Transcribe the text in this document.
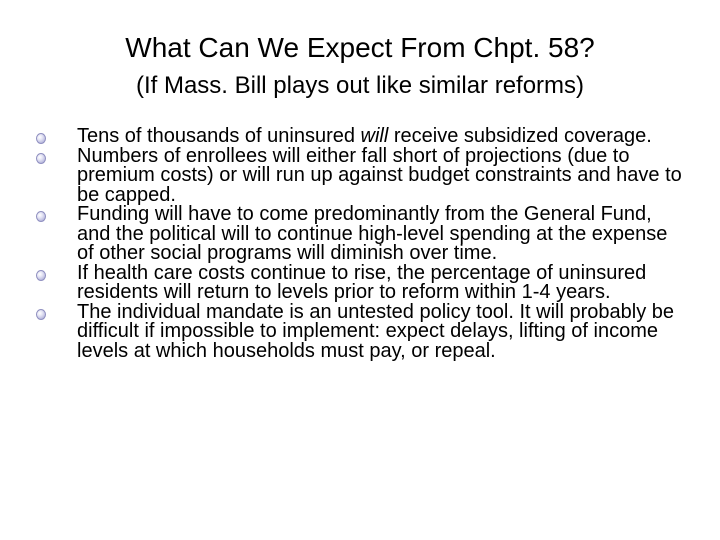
What Can We Expect From Chpt. 58?
(If Mass. Bill plays out like similar reforms)

Tens of thousands of uninsured will receive subsidized coverage.

Numbers of enrollees will either fall short of projections (due to premium costs) or will run up against budget constraints and have to be capped.

Funding will have to come predominantly from the General Fund, and the political will to continue high-level spending at the expense of other social programs will diminish over time.

If health care costs continue to rise, the percentage of uninsured residents will return to levels prior to reform within 1-4 years.

The individual mandate is an untested policy tool. It will probably be difficult if impossible to implement: expect delays, lifting of income levels at which households must pay, or repeal.
